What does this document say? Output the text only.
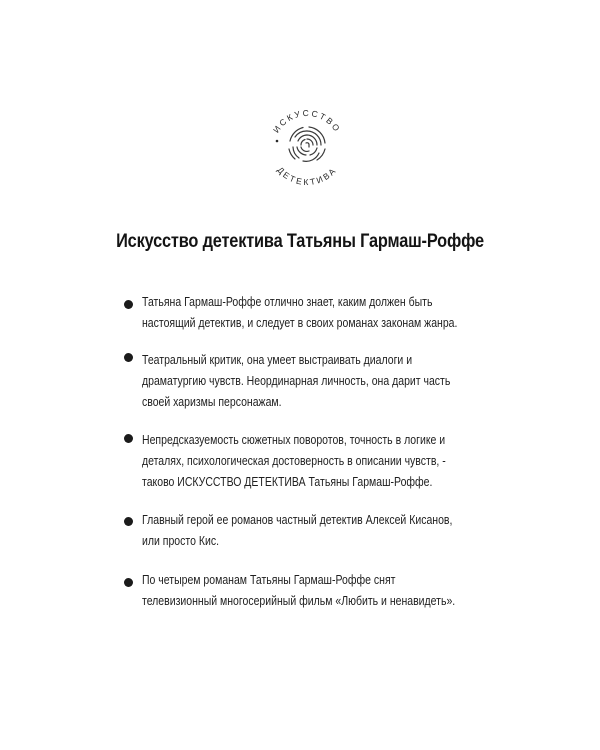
ИСКУССТВО
ДЕТЕКТИВА
Искусство детектива Татьяны Гармаш-Роффе
Татьяна Гармаш-Роффе отлично знает, каким должен быть
настоящий детектив, и следует в своих романах законам жанра.
Театральный критик, она умеет выстраивать диалоги и
драматургию чувств. Неординарная личность, она дарит часть
своей харизмы персонажам.
Непредсказуемость сюжетных поворотов, точность в логике и
деталях, психологическая достоверность в описании чувств, -
таково ИСКУССТВО ДЕТЕКТИВА Татьяны Гармаш-Роффе.
Главный герой ее романов частный детектив Алексей Кисанов,
или просто Кис.
По четырем романам Татьяны Гармаш-Роффе снят
телевизионный многосерийный фильм «Любить и ненавидеть».
